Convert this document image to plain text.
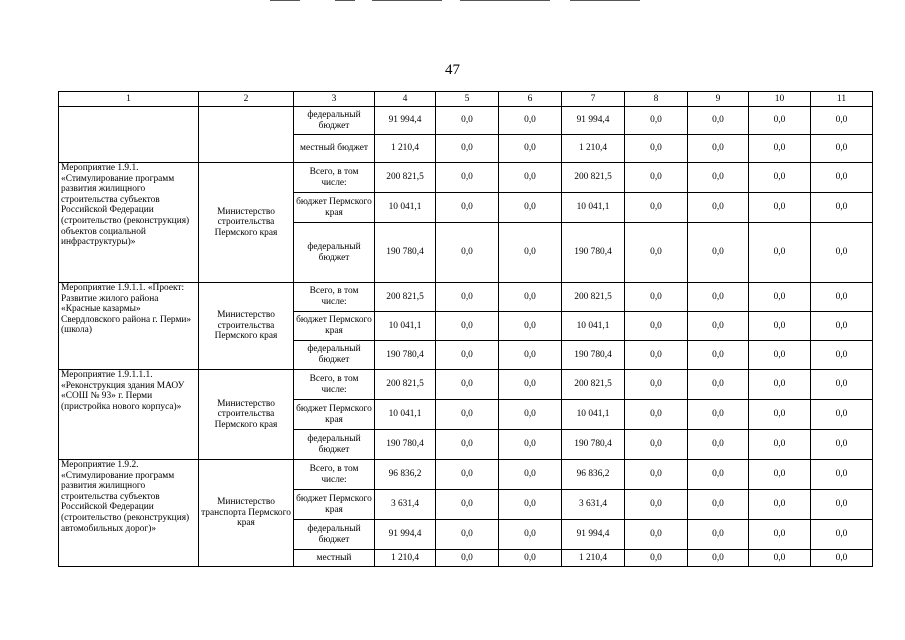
47
1	2	3	4	5	6	7	8	9	10	11
		федеральный бюджет	91 994,4	0,0	0,0	91 994,4	0,0	0,0	0,0	0,0
		местный бюджет	1 210,4	0,0	0,0	1 210,4	0,0	0,0	0,0	0,0
Мероприятие 1.9.1. «Стимулирование программ развития жилищного строительства субъектов Российской Федерации (строительство (реконструкция) объектов социальной инфраструктуры)»	Министерство строительства Пермского края	Всего, в том числе:	200 821,5	0,0	0,0	200 821,5	0,0	0,0	0,0	0,0
		бюджет Пермского края	10 041,1	0,0	0,0	10 041,1	0,0	0,0	0,0	0,0
		федеральный бюджет	190 780,4	0,0	0,0	190 780,4	0,0	0,0	0,0	0,0
Мероприятие 1.9.1.1. «Проект: Развитие жилого района «Красные казармы» Свердловского района г. Перми» (школа)	Министерство строительства Пермского края	Всего, в том числе:	200 821,5	0,0	0,0	200 821,5	0,0	0,0	0,0	0,0
		бюджет Пермского края	10 041,1	0,0	0,0	10 041,1	0,0	0,0	0,0	0,0
		федеральный бюджет	190 780,4	0,0	0,0	190 780,4	0,0	0,0	0,0	0,0
Мероприятие 1.9.1.1.1. «Реконструкция здания МАОУ «СОШ № 93» г. Перми (пристройка нового корпуса)»	Министерство строительства Пермского края	Всего, в том числе:	200 821,5	0,0	0,0	200 821,5	0,0	0,0	0,0	0,0
		бюджет Пермского края	10 041,1	0,0	0,0	10 041,1	0,0	0,0	0,0	0,0
		федеральный бюджет	190 780,4	0,0	0,0	190 780,4	0,0	0,0	0,0	0,0
Мероприятие 1.9.2. «Стимулирование программ развития жилищного строительства субъектов Российской Федерации (строительство (реконструкция) автомобильных дорог)»	Министерство транспорта Пермского края	Всего, в том числе:	96 836,2	0,0	0,0	96 836,2	0,0	0,0	0,0	0,0
		бюджет Пермского края	3 631,4	0,0	0,0	3 631,4	0,0	0,0	0,0	0,0
		федеральный бюджет	91 994,4	0,0	0,0	91 994,4	0,0	0,0	0,0	0,0
		местный	1 210,4	0,0	0,0	1 210,4	0,0	0,0	0,0	0,0
